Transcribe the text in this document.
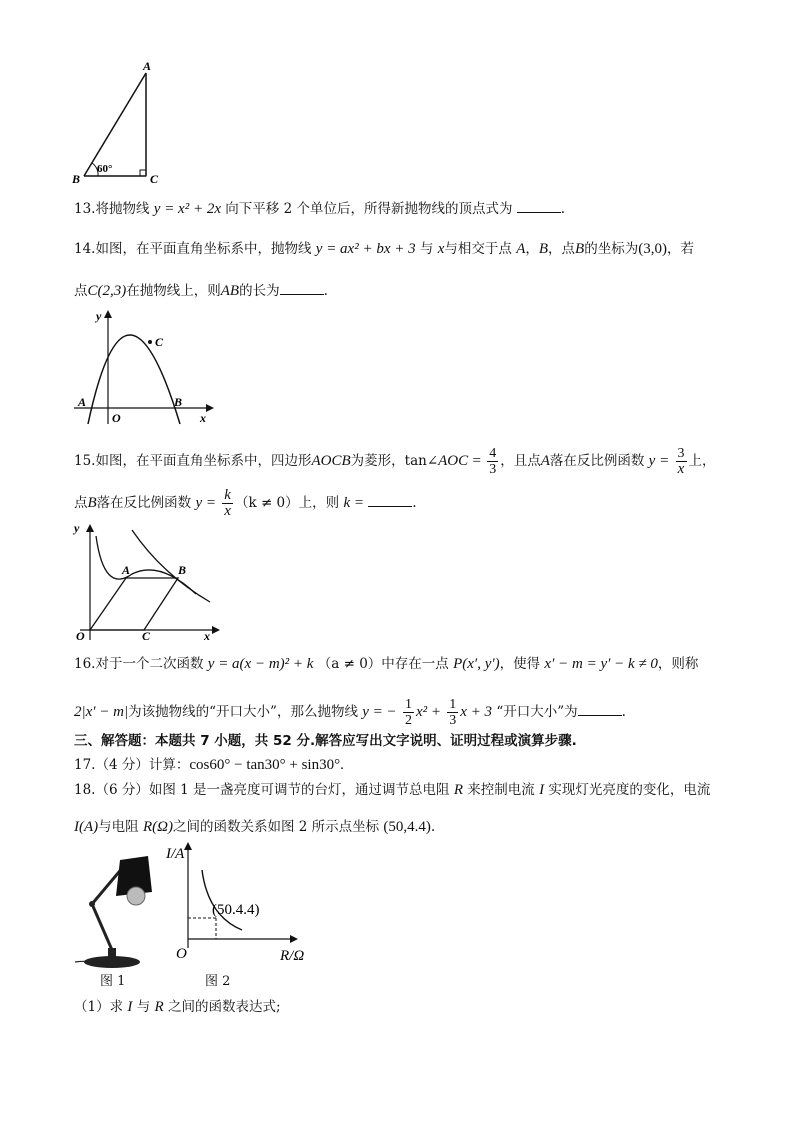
A
B	C
60°
13.将抛物线 y = x² + 2x 向下平移 2 个单位后，所得新抛物线的顶点式为	.
14.如图，在平面直角坐标系中，抛物线 y = ax² + bx + 3 与 x与相交于点 A，B，点B的坐标为(3,0)，若
点C(2,3)在抛物线上，则AB的长为	.
y
x
A	B
C
O
15.如图，在平面直角坐标系中，四边形AOCB为菱形，tan∠AOC = $\frac{4}{3}$ ，且点A落在反比例函数 $y = \frac{3}{x}$ 上，
点B落在反比例函数 $y = \frac{k}{x} (k \ne 0)$上，则 k =	.
y
x
A	B
C
O
16.对于一个二次函数 y = a(x − m)² + k （a ≠ 0）中存在一点 P(x′, y′)，使得 x′ − m = y′ − k ≠ 0，则称
2|x′ − m|为该抛物线的“开口大小”，那么抛物线 y = − $\frac{1}{2} x^2 + \frac{1}{3}$ x + 3 “开口大小”为	.
三、解答题：本题共 7 小题，共 52 分.解答应写出文字说明、证明过程或演算步骤.
17.（4 分）计算：cos60° − tan30° + sin30°.
18.（6 分）如图 1 是一盏亮度可调节的台灯，通过调节总电阻 R 来控制电流 I 实现灯光亮度的变化，电流
I(A)与电阻 R(Ω)之间的函数关系如图 2 所示点坐标 (50,4.4).
I/A
R/Ω
O
(50.4.4)
图 1	图 2
（1）求 I 与 R 之间的函数表达式;
